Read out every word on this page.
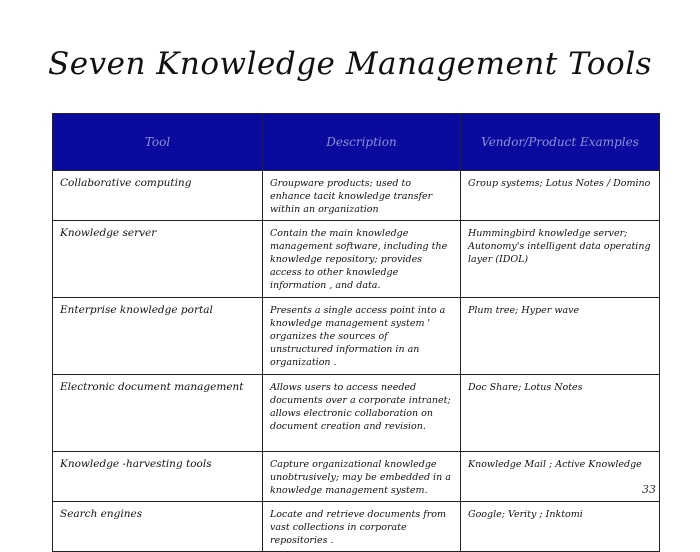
Seven Knowledge Management Tools
Tool	Description	Vendor/Product Examples
Collaborative computing	Groupware products; used to enhance tacit knowledge transfer within an organization	Group systems; Lotus Notes / Domino
Knowledge server	Contain the main knowledge management software, including the knowledge repository; provides access to other knowledge information , and data.	Hummingbird knowledge server; Autonomy's intelligent data operating layer (IDOL)
Enterprise knowledge portal	Presents a single access point into a knowledge management system ' organizes the sources of unstructured information in an organization .	Plum tree; Hyper wave
Electronic document management	Allows users to access needed documents over a corporate intranet; allows electronic collaboration on document creation and revision.	Doc Share; Lotus Notes
Knowledge -harvesting tools	Capture organizational knowledge unobtrusively; may be embedded in a knowledge management system.	Knowledge Mail ; Active Knowledge
Search engines	Locate and retrieve documents from vast collections in corporate repositories .	Google; Verity ; Inktomi
33
